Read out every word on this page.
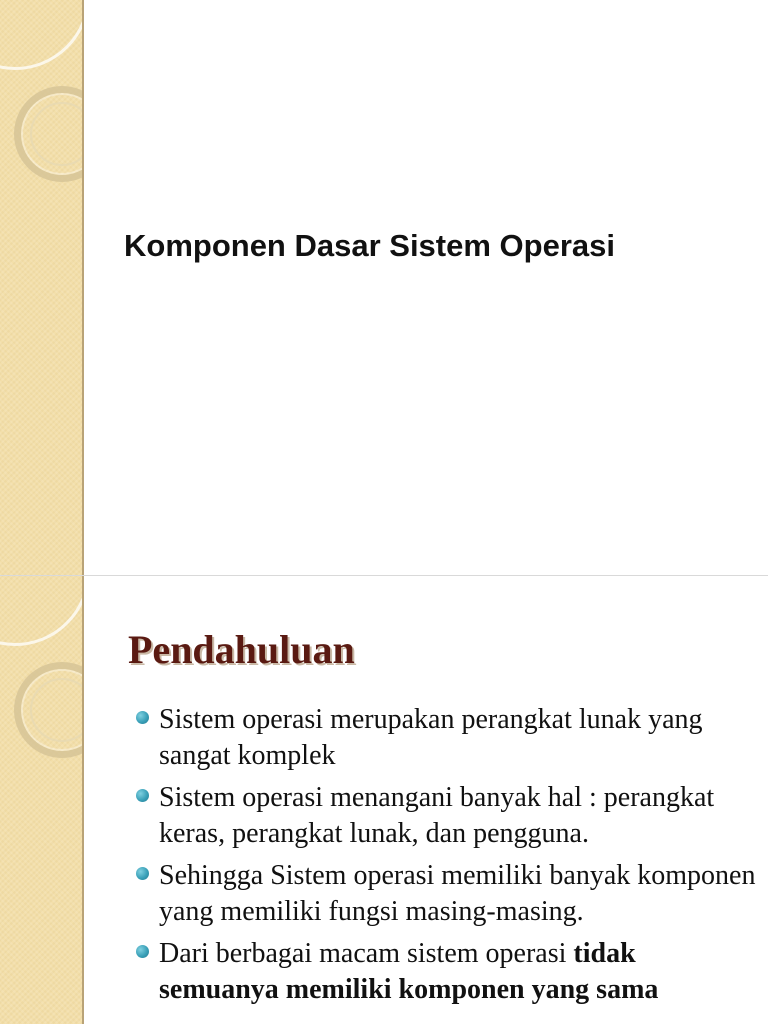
Komponen Dasar Sistem Operasi
Pendahuluan
Sistem operasi merupakan perangkat lunak yang sangat komplek
Sistem operasi menangani banyak hal : perangkat keras, perangkat lunak, dan pengguna.
Sehingga Sistem operasi memiliki banyak komponen yang memiliki fungsi masing-masing.
Dari berbagai macam sistem operasi tidak semuanya memiliki komponen yang sama
